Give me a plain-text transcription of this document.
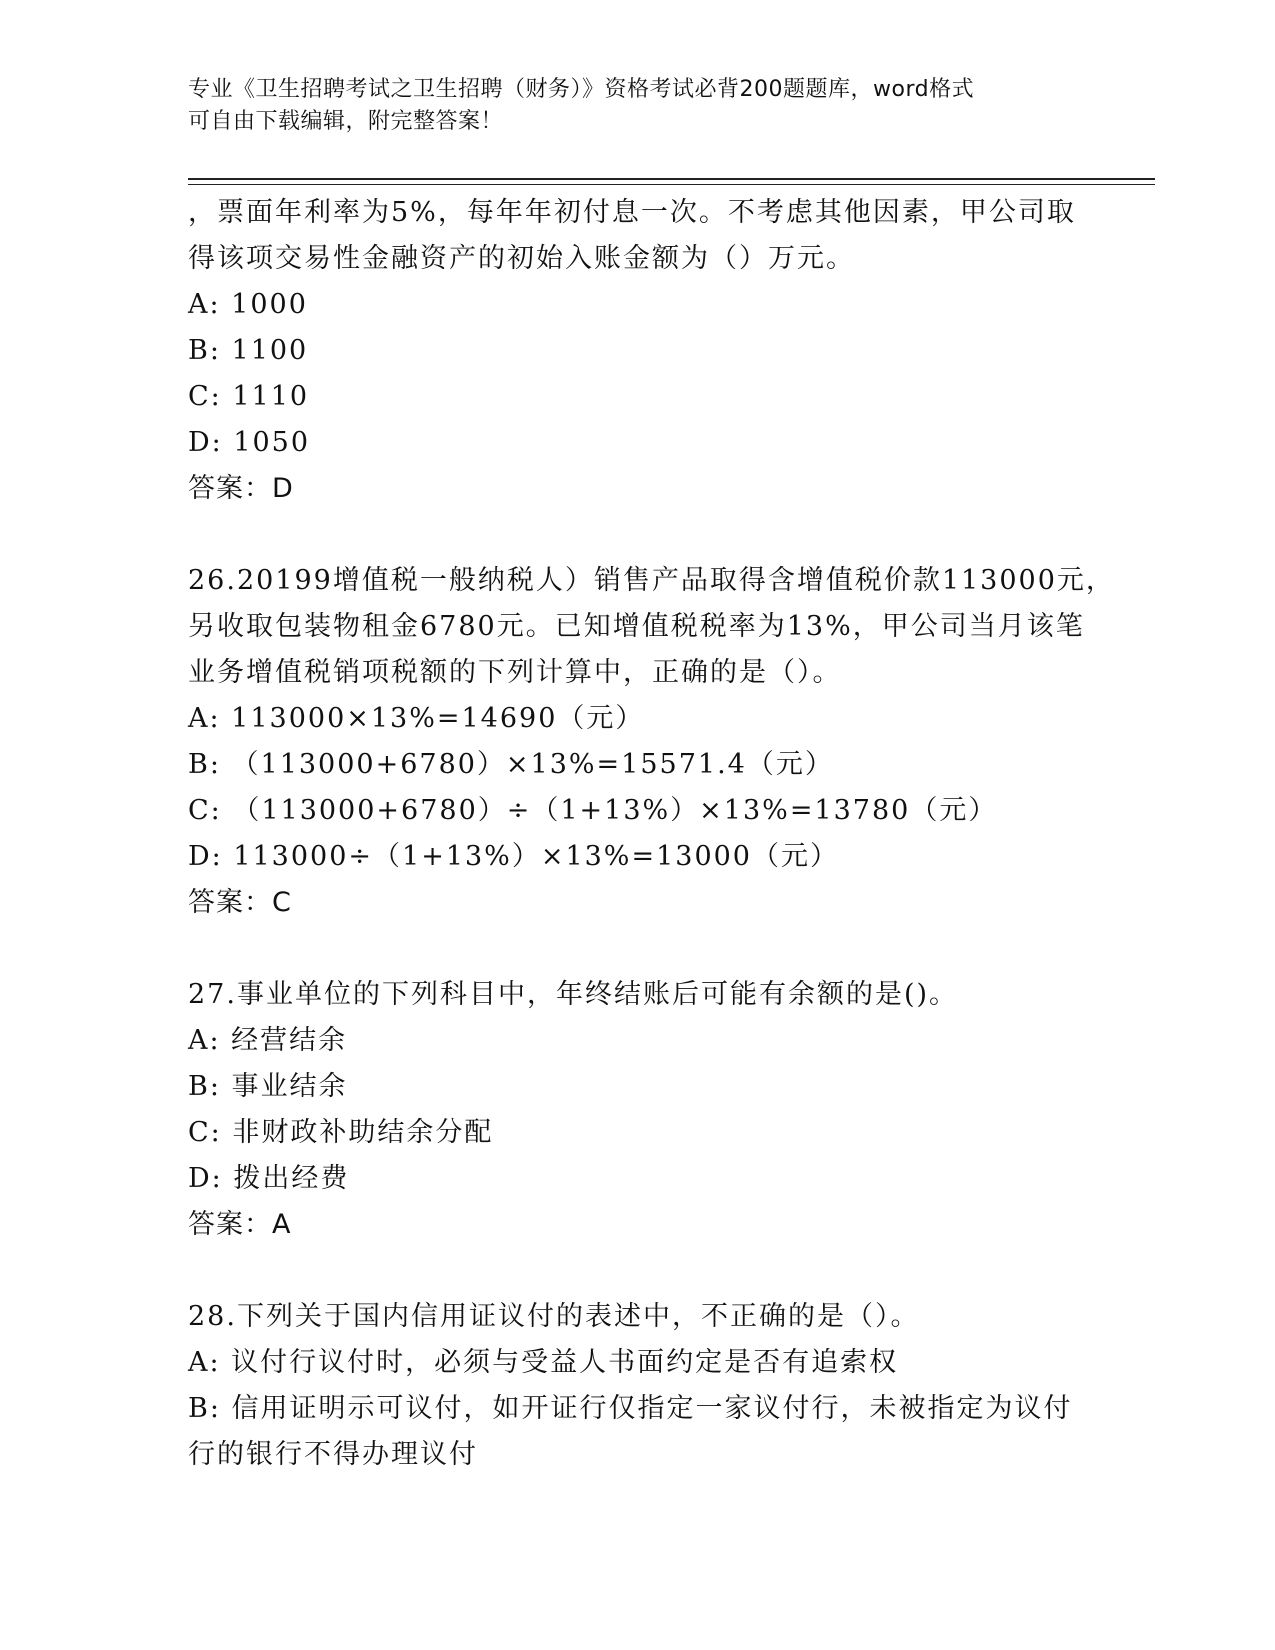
专业《卫生招聘考试之卫生招聘（财务）》资格考试必背200题题库，word格式
可自由下载编辑，附完整答案！
，票面年利率为5%，每年年初付息一次。不考虑其他因素，甲公司取
得该项交易性金融资产的初始入账金额为（）万元。
A: 1000
B: 1100
C: 1110
D: 1050
答案：D
26.20199增值税一般纳税人）销售产品取得含增值税价款113000元，
另收取包装物租金6780元。已知增值税税率为13%，甲公司当月该笔
业务增值税销项税额的下列计算中，正确的是（）。
A: 113000×13%=14690（元）
B: （113000+6780）×13%=15571.4（元）
C: （113000+6780）÷（1+13%）×13%=13780（元）
D: 113000÷（1+13%）×13%=13000（元）
答案：C
27.事业单位的下列科目中，年终结账后可能有余额的是()。
A: 经营结余
B: 事业结余
C: 非财政补助结余分配
D: 拨出经费
答案：A
28.下列关于国内信用证议付的表述中，不正确的是（）。
A: 议付行议付时，必须与受益人书面约定是否有追索权
B: 信用证明示可议付，如开证行仅指定一家议付行，未被指定为议付
行的银行不得办理议付
